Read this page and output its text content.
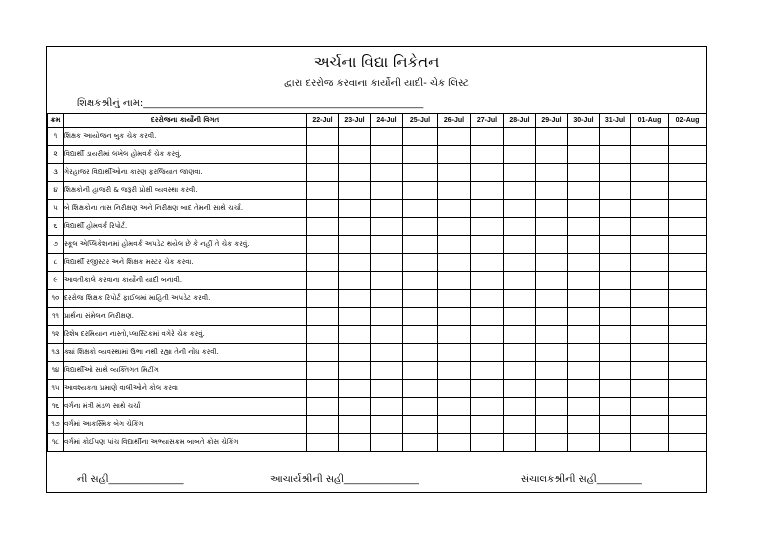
અર્ચના વિદ્યા નિકેતન
દ્વારા દરરોજ કરવાના કાર્યોની યાદી- ચેક લિસ્ટ
શિક્ષકશ્રીનું નામ:________________________________________________________
ક્રમ	દરરોજના કાર્યોની વિગત	22-Jul	23-Jul	24-Jul	25-Jul	26-Jul	27-Jul	28-Jul	29-Jul	30-Jul	31-Jul	01-Aug	02-Aug
૧	શિક્ષક આયોજન બુક ચેક કરવી.												
૨	વિદ્યાર્થી ડાયરીમાં લખેલ હોમવર્ક ચેક કરવું.												
૩	ગેરહાજર વિદ્યાર્થીઓના કારણ ફરજિયાત જાણવા.												
૪	શિક્ષકોની હાજરી & જરૂરી પ્રોક્ષી વ્યવસ્થા કરવી.												
૫	બે શિક્ષકોના તાસ નિરીક્ષણ અને નિરીક્ષણ બાદ તેમની સાથે ચર્ચા.												
૬	વિદ્યાર્થી હોમવર્ક રિપોર્ટ.												
૭	સ્કૂલ એપ્લિકેશનમાં હોમવર્ક અપડેટ થયેલ છે કે નહીં તે ચેક કરવું.												
૮	વિદ્યાર્થી રજીસ્ટર અને શિક્ષક મસ્ટર ચેક કરવા.												
૯	આવતીકાલે કરવાના કાર્યોની યાદી બનાવી.												
૧૦	દરરોજ શિક્ષક રિપોર્ટ ફાઈલમાં માહિતી અપડેટ કરવી.												
૧૧	પ્રાર્થના સંમેલન નિરીક્ષણ.												
૧૨	રિશેષ દરમિયાન નાસ્તો,પ્લાસ્ટિકમાં વગેરે ચેક કરવું.												
૧૩	ક્યાં શિક્ષકો વ્યવસ્થામાં ઉભા નથી રહ્યા તેની નોંધ કરવી.												
૧૪	વિદ્યાર્થીઓ સાથે વ્યક્તિગત મિટીંગ												
૧૫	આવશ્યકતા પ્રમાણે વાલીઓને કોલ કરવા												
૧૬	વર્ગના મંત્રી મંડળ સાથે ચર્ચા												
૧૭	વર્ગમાં આકસ્મિક બેગ ચેકિંગ												
૧૮	વર્ગમાં કોઈપણ પાંચ વિદ્યાર્થીના અભ્યાસક્રમ બાબતે ક્રોસ ચેકિંગ												
ની સહી_______________	આચાર્યશ્રીની સહી_______________	સંચાલકશ્રીની સહી_________
